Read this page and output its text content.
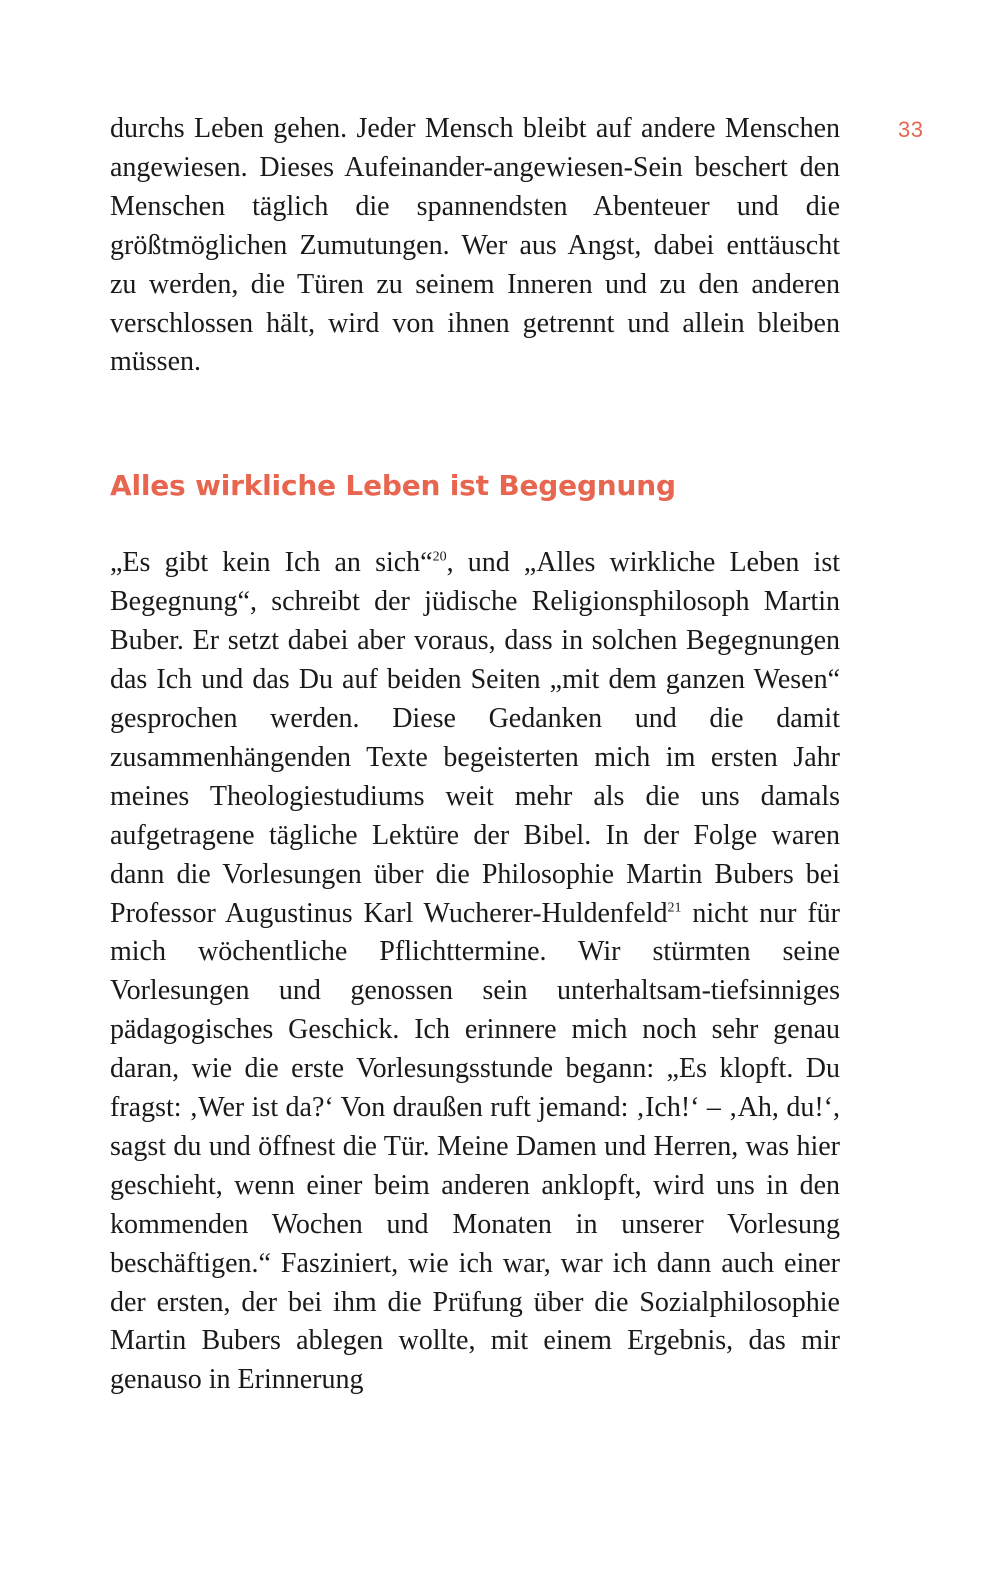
33

durchs Leben gehen. Jeder Mensch bleibt auf andere Menschen angewiesen. Dieses Aufeinander-angewiesen-Sein beschert den Menschen täglich die spannendsten Abenteuer und die größtmöglichen Zumutungen. Wer aus Angst, dabei enttäuscht zu werden, die Türen zu seinem Inneren und zu den anderen verschlossen hält, wird von ihnen getrennt und allein bleiben müssen.

Alles wirkliche Leben ist Begegnung

„Es gibt kein Ich an sich“$^{20}$, und „Alles wirkliche Leben ist Begegnung“, schreibt der jüdische Religionsphilosoph Martin Buber. Er setzt dabei aber voraus, dass in solchen Begegnungen das Ich und das Du auf beiden Seiten „mit dem ganzen Wesen“ gesprochen werden. Diese Gedanken und die damit zusammenhängenden Texte begeisterten mich im ersten Jahr meines Theologiestudiums weit mehr als die uns damals aufgetragene tägliche Lektüre der Bibel. In der Folge waren dann die Vorlesungen über die Philosophie Martin Bubers bei Professor Augustinus Karl Wucherer-Huldenfeld$^{21}$ nicht nur für mich wöchentliche Pflichttermine. Wir stürmten seine Vorlesungen und genossen sein unterhaltsam-tiefsinniges pädagogisches Geschick. Ich erinnere mich noch sehr genau daran, wie die erste Vorlesungsstunde begann: „Es klopft. Du fragst: ‚Wer ist da?‘ Von draußen ruft jemand: ‚Ich!‘ – ‚Ah, du!‘, sagst du und öffnest die Tür. Meine Damen und Herren, was hier geschieht, wenn einer beim anderen anklopft, wird uns in den kommenden Wochen und Monaten in unserer Vorlesung beschäftigen.“ Fasziniert, wie ich war, war ich dann auch einer der ersten, der bei ihm die Prüfung über die Sozialphilosophie Martin Bubers ablegen wollte, mit einem Ergebnis, das mir genauso in Erinnerung
